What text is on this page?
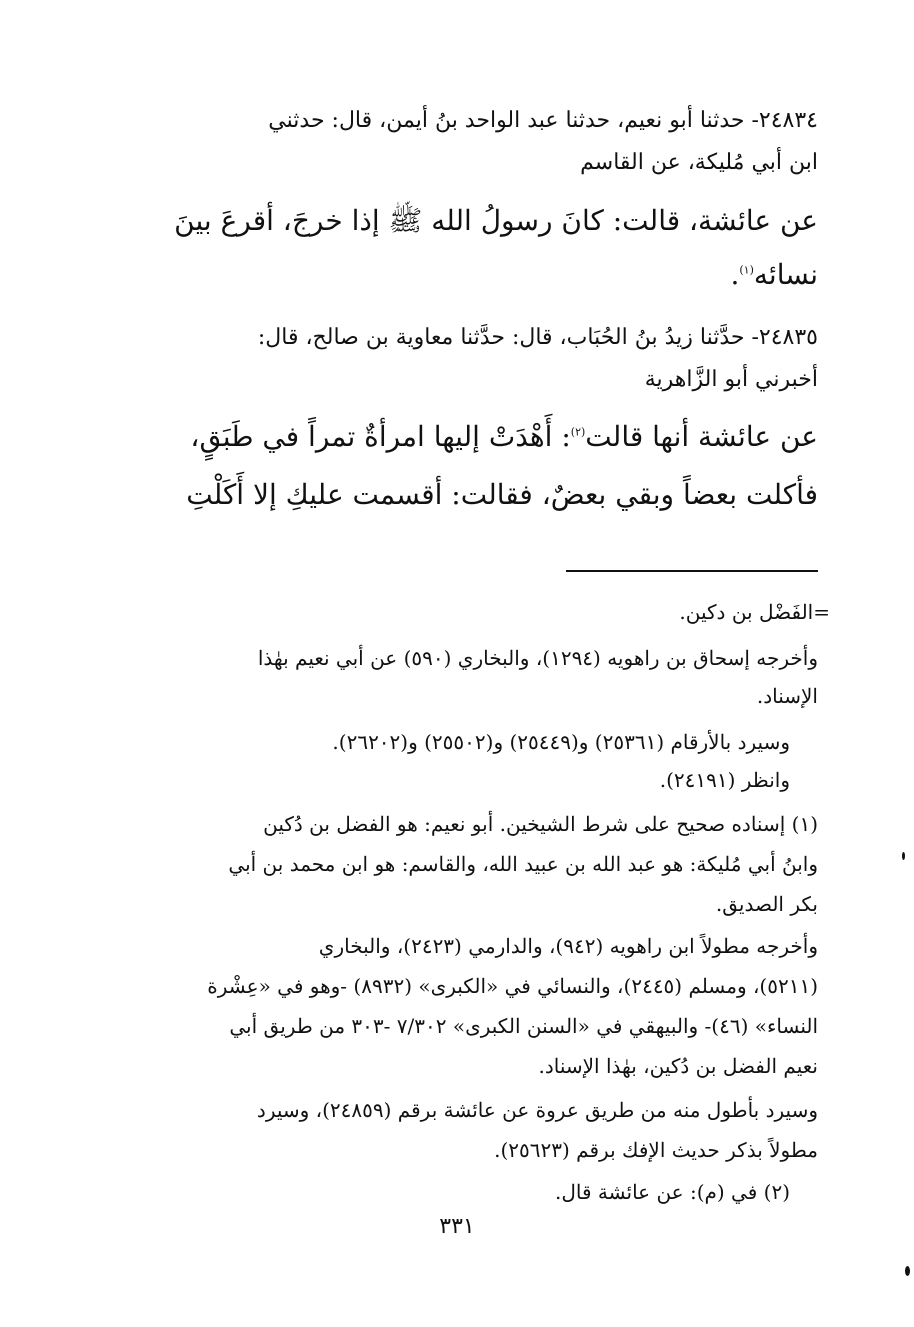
٢٤٨٣٤- حدثنا أبو نعيم، حدثنا عبد الواحد بنُ أيمن، قال: حدثني
ابن أبي مُليكة، عن القاسم
عن عائشة، قالت: كانَ رسولُ الله ﷺ إذا خرجَ، أقرعَ بينَ
نسائه$^{(١)}$.
٢٤٨٣٥- حدَّثنا زيدُ بنُ الحُبَاب، قال: حدَّثنا معاوية بن صالح، قال:
أخبرني أبو الزَّاهرية
عن عائشة أنها قالت$^{(٢)}$: أَهْدَتْ إليها امرأةٌ تمراً في طَبَقٍ،
فأكلت بعضاً وبقي بعضٌ، فقالت: أقسمت عليكِ إلا أَكَلْتِ
=الفَضْل بن دكين.
وأخرجه إسحاق بن راهويه (١٢٩٤)، والبخاري (٥٩٠) عن أبي نعيم بهٰذا
الإسناد.
وسيرد بالأرقام (٢٥٣٦١) و(٢٥٤٤٩) و(٢٥٥٠٢) و(٢٦٢٠٢).
وانظر (٢٤١٩١).
(١) إسناده صحيح على شرط الشيخين. أبو نعيم: هو الفضل بن دُكين
وابنُ أبي مُليكة: هو عبد الله بن عبيد الله، والقاسم: هو ابن محمد بن أبي
بكر الصديق.
وأخرجه مطولاً ابن راهويه (٩٤٢)، والدارمي (٢٤٢٣)، والبخاري
(٥٢١١)، ومسلم (٢٤٤٥)، والنسائي في «الكبرى» (٨٩٣٢) -وهو في «عِشْرة
النساء» (٤٦)- والبيهقي في «السنن الكبرى» ٧/٣٠٢ -٣٠٣ من طريق أبي
نعيم الفضل بن دُكين، بهٰذا الإسناد.
وسيرد بأطول منه من طريق عروة عن عائشة برقم (٢٤٨٥٩)، وسيرد
مطولاً بذكر حديث الإفك برقم (٢٥٦٢٣).
(٢) في (م): عن عائشة قال.
٣٣١
